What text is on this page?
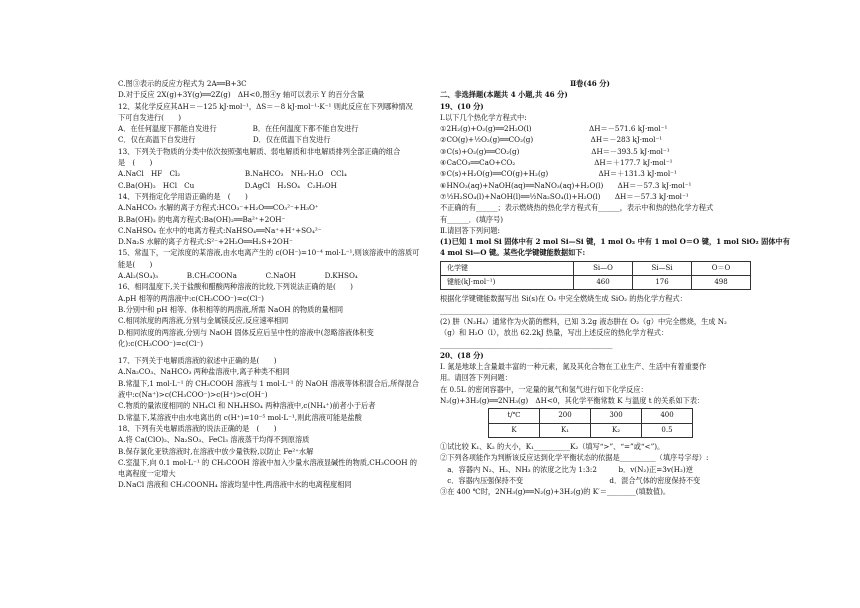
C.图③表示的反应方程式为 2A══B+3C
D.对于反应 2X(g)+3Y(g)══2Z(g)　ΔH<0,图④y 轴可以表示 Y 的百分含量
12、某化学反应其ΔH＝－125 kJ·mol⁻¹，ΔS＝－8 kJ·mol⁻¹·K⁻¹ 则此反应在下列哪种情况
下可自发进行(　　)
A．在任何温度下都能自发进行　　　　　B．在任何温度下都不能自发进行
C．仅在高温下自发进行　　　　　　　　D．仅在低温下自发进行
13、下列关于物质的分类中依次按照强电解质、弱电解质和非电解质排列全部正确的组合
是　(　　)
A.NaCl　HF　Cl₂　　　　　　　　　B.NaHCO₃　NH₃·H₂O　CCl₄
C.Ba(OH)₂　HCl　Cu　　　　　　　D.AgCl　H₂SO₄　C₂H₅OH
14、下列指定化学用语正确的是　(　　)
A.NaHCO₃ 水解的离子方程式:HCO₃⁻+H₂O══CO₃²⁻+H₃O⁺
B.Ba(OH)₂ 的电离方程式:Ba(OH)₂══Ba²⁺+2OH⁻
C.NaHSO₄ 在水中的电离方程式:NaHSO₄══Na⁺+H⁺+SO₄²⁻
D.Na₂S 水解的离子方程式:S²⁻+2H₂O══H₂S+2OH⁻
15、常温下，一定浓度的某溶液,由水电离产生的 c(OH⁻)=10⁻⁴ mol·L⁻¹,则该溶液中的溶质可
能是(　　)
A.Al₂(SO₄)₃　　　　B.CH₃COONa　　　　C.NaOH　　　　D.KHSO₄
16、相同温度下,关于盐酸和醋酸两种溶液的比较,下列说法正确的是(　　)
A.pH 相等的两溶液中:c(CH₃COO⁻)=c(Cl⁻)
B.分别中和 pH 相等、体积相等的两溶液,所需 NaOH 的物质的量相同
C.相同浓度的两溶液,分别与金属镁反应,反应速率相同
D.相同浓度的两溶液,分别与 NaOH 固体反应后呈中性的溶液中(忽略溶液体积变
化):c(CH₃COO⁻)=c(Cl⁻)
17、下列关于电解质溶液的叙述中正确的是(　　)
A.Na₂CO₃、NaHCO₃ 两种盐溶液中,离子种类不相同
B.常温下,1 mol·L⁻¹ 的 CH₃COOH 溶液与 1 mol·L⁻¹ 的 NaOH 溶液等体积混合后,所得混合
液中:c(Na⁺)>c(CH₃COO⁻)>c(H⁺)>c(OH⁻)
C.物质的量浓度相同的 NH₄Cl 和 NH₄HSO₄ 两种溶液中,c(NH₄⁺)前者小于后者
D.常温下,某溶液中由水电离出的 c(H⁺)=10⁻⁵ mol·L⁻¹,则此溶液可能是盐酸
18、下列有关电解质溶液的说法正确的是　(　　)
A.将 Ca(ClO)₂、Na₂SO₃、FeCl₃ 溶液蒸干均得不到原溶质
B.保存氯化亚铁溶液时,在溶液中放少量铁粉,以防止 Fe²⁺水解
C.室温下,向 0.1 mol·L⁻¹ 的 CH₃COOH 溶液中加入少量水溶液显碱性的物质,CH₃COOH 的
电离程度一定增大
D.NaCl 溶液和 CH₃COONH₄ 溶液均显中性,两溶液中水的电离程度相同
Ⅱ卷(46 分)
二、非选择题(本题共 4 小题,共 46 分)
19、(10 分)
Ⅰ.以下几个热化学方程式中:
①2H₂(g)+O₂(g)══2H₂O(l)　　　　　　　　ΔH＝－571.6 kJ·mol⁻¹
②CO(g)+½O₂(g)══CO₂(g)　　　　　　　　ΔH＝－283 kJ·mol⁻¹
③C(s)+O₂(g)══CO₂(g)　　　　　　　　　　ΔH＝－393.5 kJ·mol⁻¹
④CaCO₃══CaO+CO₂　　　　　　　　　　　ΔH＝＋177.7 kJ·mol⁻¹
⑤C(s)+H₂O(g)══CO(g)+H₂(g)　　　　　　　ΔH＝＋131.3 kJ·mol⁻¹
⑥HNO₃(aq)+NaOH(aq)══NaNO₃(aq)+H₂O(l)　　ΔH＝－57.3 kJ·mol⁻¹
⑦½H₂SO₄(l)+NaOH(l)══½Na₂SO₄(l)+H₂O(l)　　ΔH＝－57.3 kJ·mol⁻¹
不正确的有______；表示燃烧热的热化学方程式有______，表示中和热的热化学方程式
有______．(填序号)
Ⅱ.请回答下列问题:
(1)已知 1 mol Si 固体中有 2 mol Si—Si 键，1 mol O₂ 中有 1 mol O＝O 键，1 mol SiO₂ 固体中有
4 mol Si—O 键。某些化学键键能数据如下:
化学键	Si—O	Si—Si	O＝O
键能(kJ·mol⁻¹)	460	176	498
根据化学键键能数据写出 Si(s)在 O₂ 中完全燃烧生成 SiO₂ 的热化学方程式：
________________________________________________________________
(2) 肼（N₂H₄）通常作为火箭的燃料，已知 3.2g 液态肼在 O₂（g）中完全燃烧，生成 N₂
（g）和 H₂O（l），放出 62.2kJ 热量，写出上述反应的热化学方程式：
________________________________________________
20、(18 分)
Ⅰ. 氮是地球上含量最丰富的一种元素，氮及其化合物在工业生产、生活中有着重要作
用。请回答下列问题：
在 0.5L 的密闭容器中，一定量的氮气和氢气进行如下化学反应：
N₂(g)+3H₂(g)══2NH₃(g)　ΔH<0，其化学平衡常数 K 与温度 t 的关系如下表：
t/℃	200	300	400
K	K₁	K₂	0.5
①试比较 K₁、K₂ 的大小，K₁__________K₂（填写“>”、“=”或“<”)。
②下列各项能作为判断该反应达到化学平衡状态的依据是__________（填序号字母）:
　a．容器内 N₂、H₂、NH₃ 的浓度之比为 1:3:2　　　b．v(N₂)正=3v(H₂)逆
　c．容器内压强保持不变　　　　　　　　　　　　d．混合气体的密度保持不变
③在 400 ℃时，2NH₃(g)══N₂(g)+3H₂(g)的 K′＝________(填数值)。
